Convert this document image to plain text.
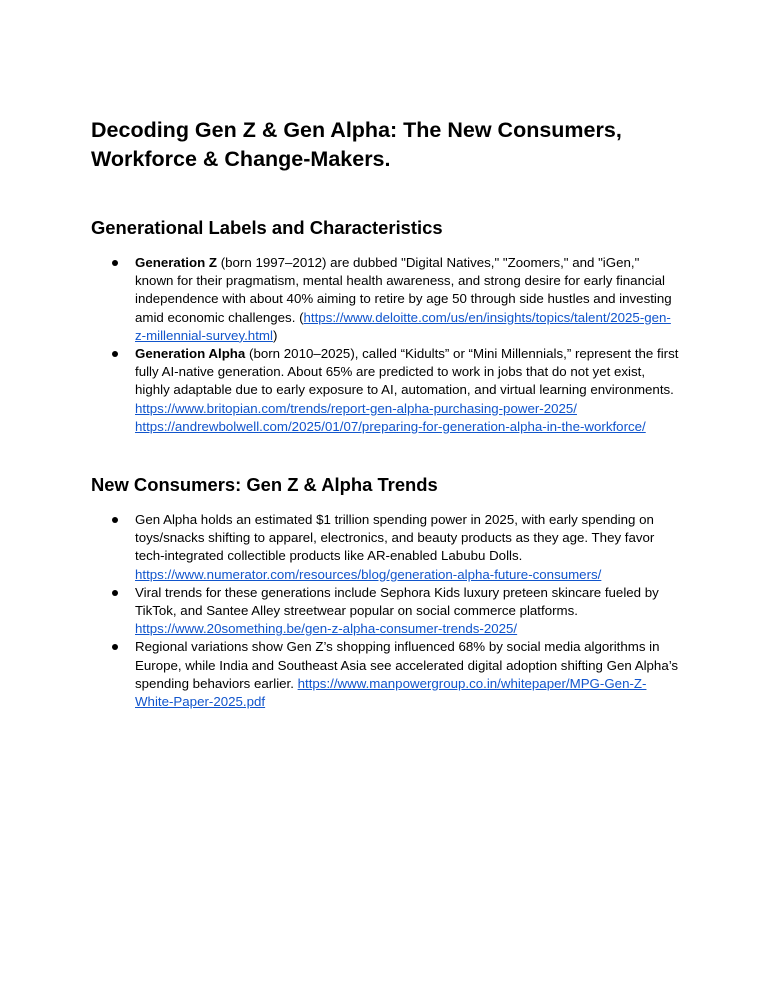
Decoding Gen Z & Gen Alpha: The New Consumers, Workforce & Change-Makers.
Generational Labels and Characteristics
Generation Z (born 1997–2012) are dubbed "Digital Natives," "Zoomers," and "iGen," known for their pragmatism, mental health awareness, and strong desire for early financial independence with about 40% aiming to retire by age 50 through side hustles and investing amid economic challenges. (https://www.deloitte.com/us/en/insights/topics/talent/2025-gen-z-millennial-survey.html)
Generation Alpha (born 2010–2025), called “Kidults” or “Mini Millennials,” represent the first fully AI-native generation. About 65% are predicted to work in jobs that do not yet exist, highly adaptable due to early exposure to AI, automation, and virtual learning environments. https://www.britopian.com/trends/report-gen-alpha-purchasing-power-2025/ https://andrewbolwell.com/2025/01/07/preparing-for-generation-alpha-in-the-workforce/
New Consumers: Gen Z & Alpha Trends
Gen Alpha holds an estimated $1 trillion spending power in 2025, with early spending on toys/snacks shifting to apparel, electronics, and beauty products as they age. They favor tech-integrated collectible products like AR-enabled Labubu Dolls. https://www.numerator.com/resources/blog/generation-alpha-future-consumers/
Viral trends for these generations include Sephora Kids luxury preteen skincare fueled by TikTok, and Santee Alley streetwear popular on social commerce platforms. https://www.20something.be/gen-z-alpha-consumer-trends-2025/
Regional variations show Gen Z’s shopping influenced 68% by social media algorithms in Europe, while India and Southeast Asia see accelerated digital adoption shifting Gen Alpha’s spending behaviors earlier. https://www.manpowergroup.co.in/whitepaper/MPG-Gen-Z-White-Paper-2025.pdf
